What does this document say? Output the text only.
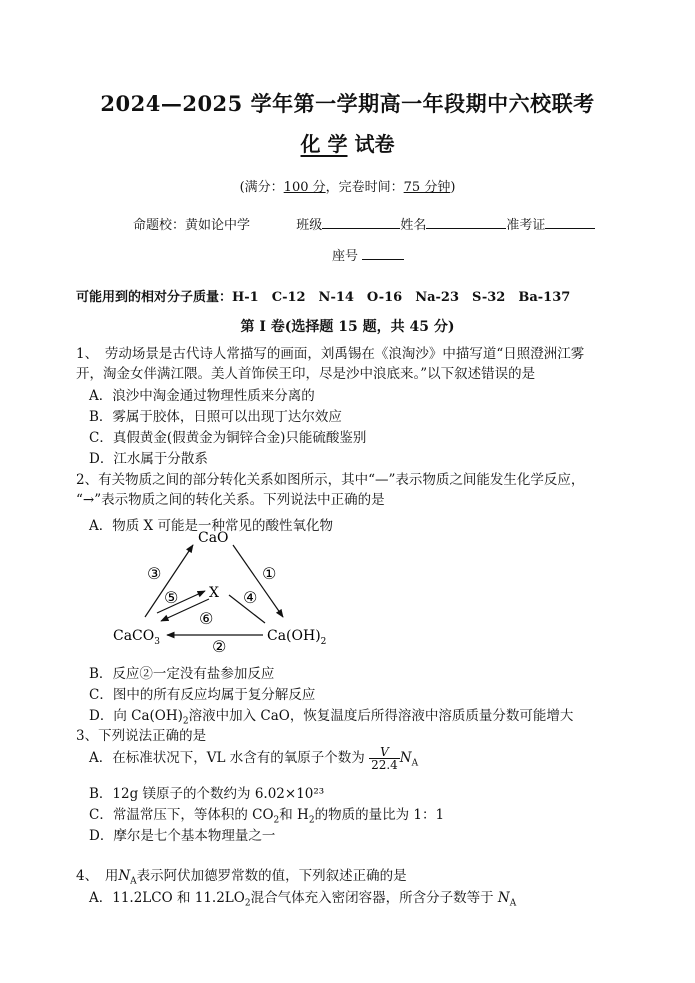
2024—2025 学年第一学期高一年段期中六校联考
化 学 试卷
(满分：100 分，完卷时间：75 分钟)
命题校：黄如论中学	班级	姓名	准考证
座号
可能用到的相对分子质量：H-1　C-12　N-14　O-16　Na-23　S-32　Ba-137
第 I 卷(选择题 15 题，共 45 分)
1、　劳动场景是古代诗人常描写的画面，刘禹锡在《浪淘沙》中描写道“日照澄洲江雾
开，淘金女伴满江隈。美人首饰侯王印，尽是沙中浪底来。”以下叙述错误的是
A．浪沙中淘金通过物理性质来分离的
B．雾属于胶体，日照可以出现丁达尔效应
C．真假黄金(假黄金为铜锌合金)只能硫酸鉴别
D．江水属于分散系
2、有关物质之间的部分转化关系如图所示，其中“—”表示物质之间能发生化学反应，
“→”表示物质之间的转化关系。下列说法中正确的是
A．物质 X 可能是一种常见的酸性氧化物
CaO
X
CaCO$_3$	$Ca(OH)_2$
③	①
⑤	④
⑥
②
B．反应②一定没有盐参加反应
C．图中的所有反应均属于复分解反应
D．向 $Ca(OH)_2$溶液中加入 CaO，恢复温度后所得溶液中溶质质量分数可能增大
3、下列说法正确的是
A．在标准状况下，VL 水含有的氧原子个数为 $\frac{V}{22.4} N_A$
B．12g 镁原子的个数约为 6.02×10²³
C．常温常压下，等体积的 $CO_2$和 $H_2$的物质的量比为 1：1
D．摩尔是七个基本物理量之一
4、　用$N_A$表示阿伏加德罗常数的值，下列叙述正确的是
A．11.2LCO 和 $11.2LO_2$混合气体充入密闭容器，所含分子数等于 $N_A$
